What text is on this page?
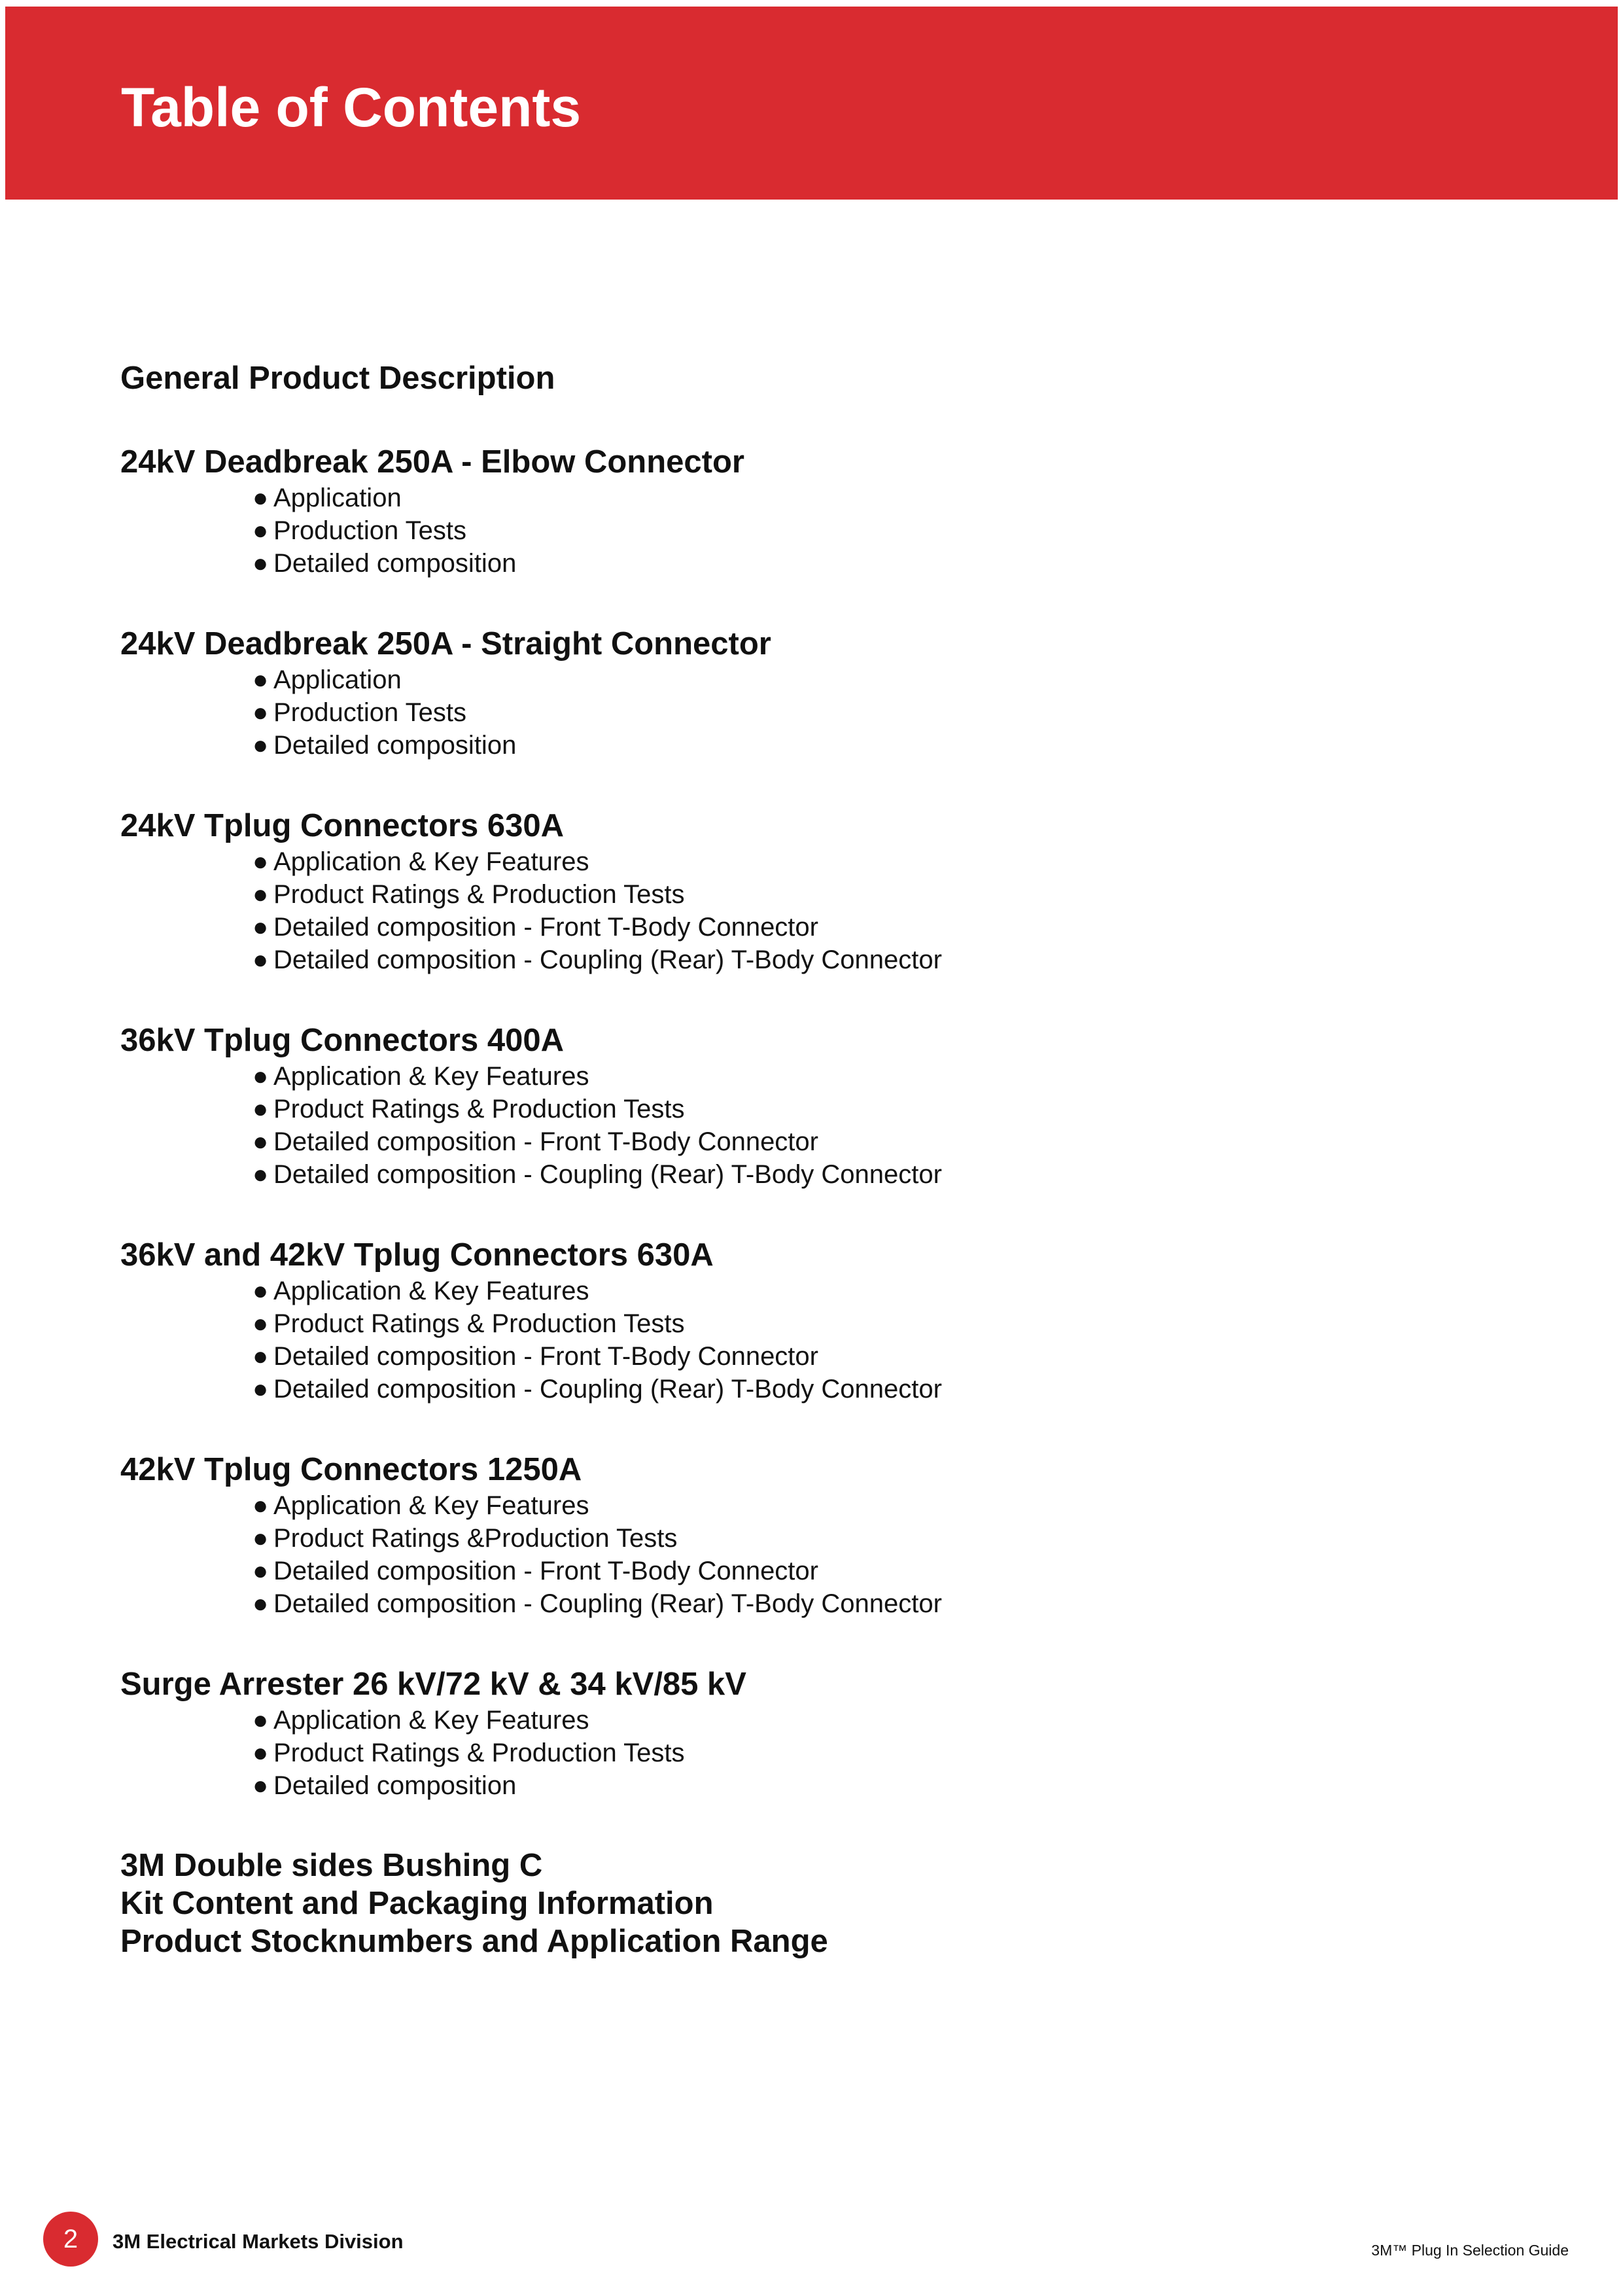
Table of Contents
General Product Description
24kV Deadbreak 250A - Elbow Connector
● Application
● Production Tests
● Detailed composition
24kV Deadbreak 250A - Straight Connector
● Application
● Production Tests
● Detailed composition
24kV Tplug Connectors 630A
● Application & Key Features
● Product Ratings & Production Tests
● Detailed composition - Front T-Body Connector
● Detailed composition - Coupling (Rear) T-Body Connector
36kV Tplug Connectors 400A
● Application & Key Features
● Product Ratings & Production Tests
● Detailed composition - Front T-Body Connector
● Detailed composition - Coupling (Rear) T-Body Connector
36kV and 42kV Tplug Connectors 630A
● Application & Key Features
● Product Ratings & Production Tests
● Detailed composition - Front T-Body Connector
● Detailed composition - Coupling (Rear) T-Body Connector
42kV Tplug Connectors 1250A
● Application & Key Features
● Product Ratings &Production Tests
● Detailed composition - Front T-Body Connector
● Detailed composition - Coupling (Rear) T-Body Connector
Surge Arrester 26 kV/72 kV & 34 kV/85 kV
● Application & Key Features
● Product Ratings & Production Tests
● Detailed composition
3M Double sides Bushing C
Kit Content and Packaging Information
Product Stocknumbers and Application Range
2	3M Electrical Markets Division	3M™ Plug In Selection Guide
